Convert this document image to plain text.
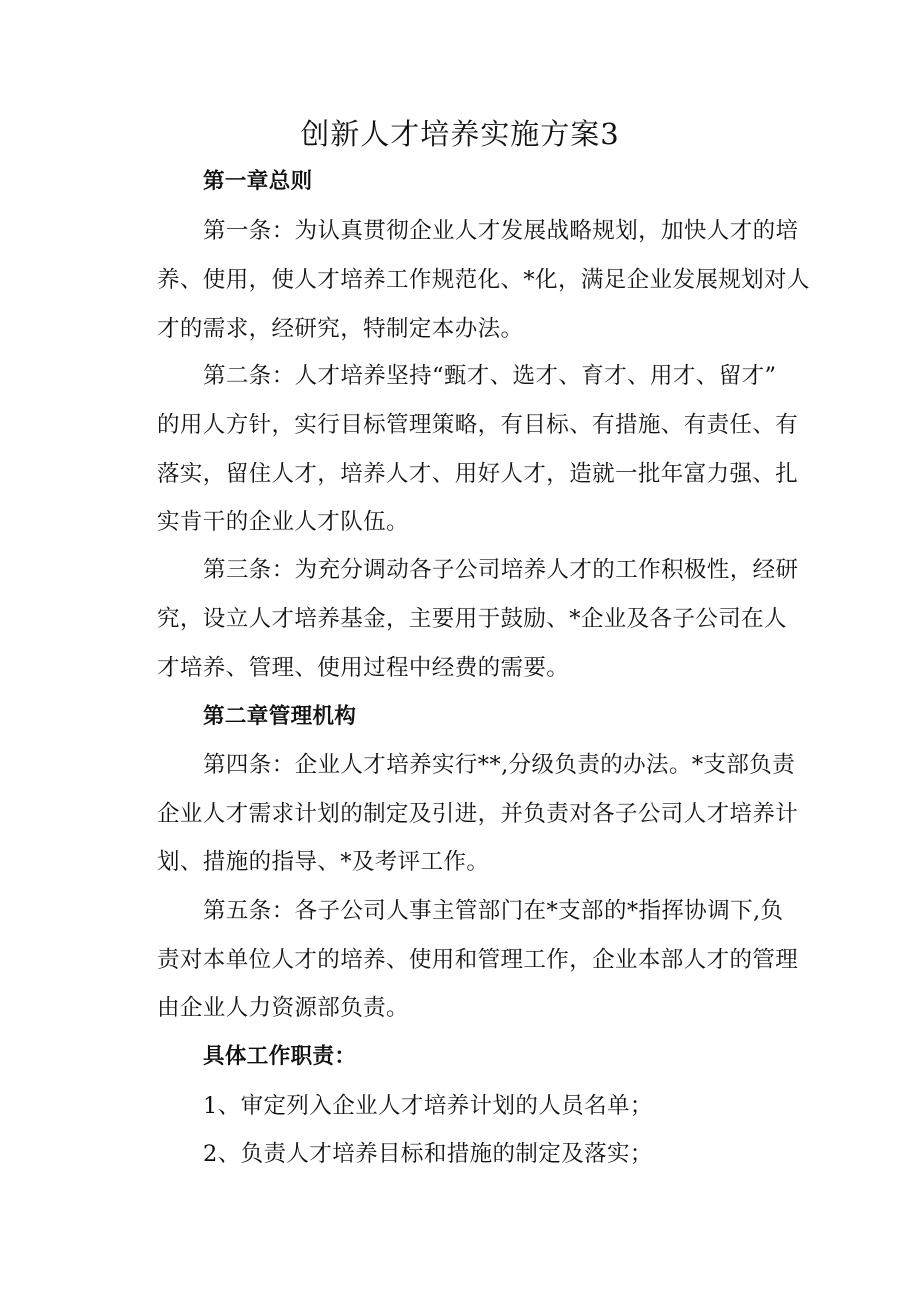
创新人才培养实施方案3
第一章总则
第一条：为认真贯彻企业人才发展战略规划，加快人才的培
养、使用，使人才培养工作规范化、*化，满足企业发展规划对人
才的需求，经研究，特制定本办法。
第二条：人才培养坚持“甄才、选才、育才、用才、留才”
的用人方针，实行目标管理策略，有目标、有措施、有责任、有
落实，留住人才，培养人才、用好人才，造就一批年富力强、扎
实肯干的企业人才队伍。
第三条：为充分调动各子公司培养人才的工作积极性，经研
究，设立人才培养基金，主要用于鼓励、*企业及各子公司在人
才培养、管理、使用过程中经费的需要。
第二章管理机构
第四条：企业人才培养实行**,分级负责的办法。*支部负责
企业人才需求计划的制定及引进，并负责对各子公司人才培养计
划、措施的指导、*及考评工作。
第五条：各子公司人事主管部门在*支部的*指挥协调下,负
责对本单位人才的培养、使用和管理工作，企业本部人才的管理
由企业人力资源部负责。
具体工作职责：
1、审定列入企业人才培养计划的人员名单；
2、负责人才培养目标和措施的制定及落实；
